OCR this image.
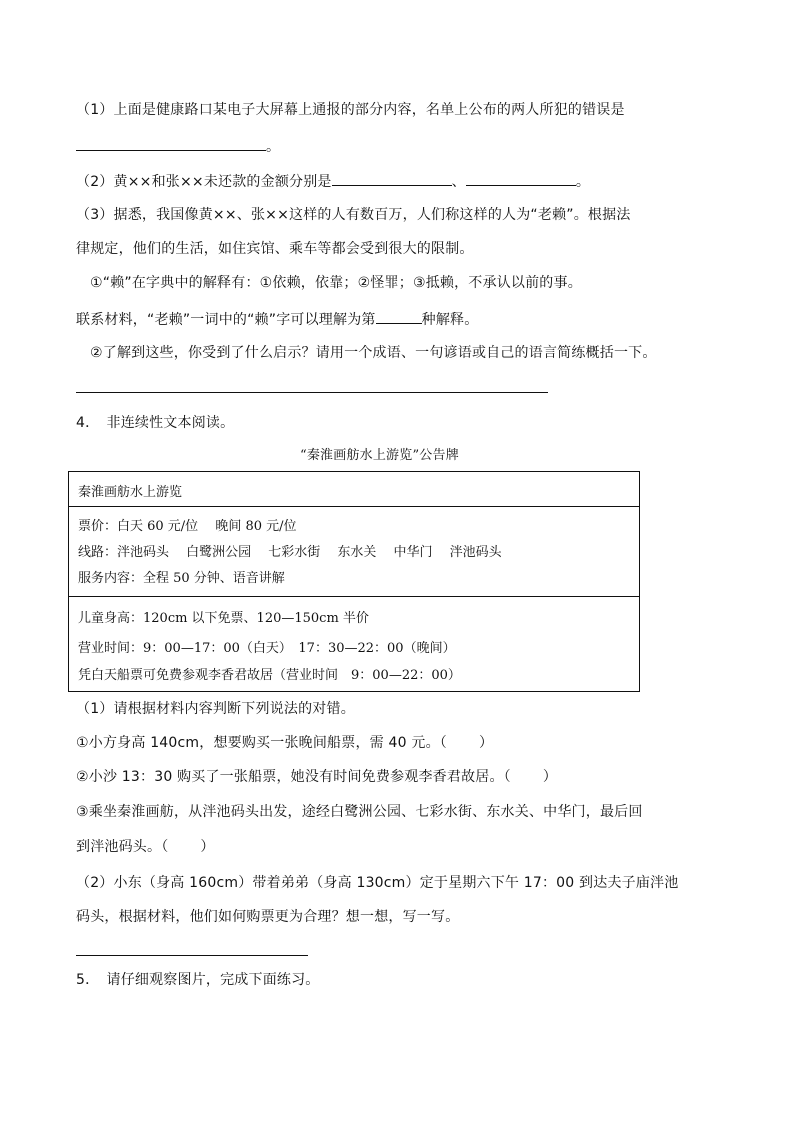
（1）上面是健康路口某电子大屏幕上通报的部分内容，名单上公布的两人所犯的错误是
。
（2）黄××和张××未还款的金额分别是	、	。
（3）据悉，我国像黄××、张××这样的人有数百万，人们称这样的人为“老赖”。根据法
律规定，他们的生活，如住宾馆、乘车等都会受到很大的限制。
①“赖”在字典中的解释有：①依赖，依靠；②怪罪；③抵赖，不承认以前的事。
联系材料，“老赖”一词中的“赖”字可以理解为第	种解释。
②了解到这些，你受到了什么启示？请用一个成语、一句谚语或自己的语言简练概括一下。
4．　非连续性文本阅读。
“秦淮画舫水上游览”公告牌
秦淮画舫水上游览
票价：白天 60 元/位　 晚间 80 元/位
线路：泮池码头　 白鹭洲公园　 七彩水街　 东水关　 中华门　 泮池码头
服务内容：全程 50 分钟、语音讲解
儿童身高：120cm 以下免票、120—150cm 半价
营业时间：9：00—17：00（白天）　17：30—22：00（晚间）
凭白天船票可免费参观李香君故居（营业时间　9：00—22：00）
（1）请根据材料内容判断下列说法的对错。
①小方身高 140cm，想要购买一张晚间船票，需 40 元。（ ）
②小沙 13：30 购买了一张船票，她没有时间免费参观李香君故居。（ ）
③乘坐秦淮画舫，从泮池码头出发，途经白鹭洲公园、七彩水街、东水关、中华门，最后回
到泮池码头。（ ）
（2）小东（身高 160cm）带着弟弟（身高 130cm）定于星期六下午 17：00 到达夫子庙泮池
码头，根据材料，他们如何购票更为合理？想一想，写一写。
5．　请仔细观察图片，完成下面练习。
